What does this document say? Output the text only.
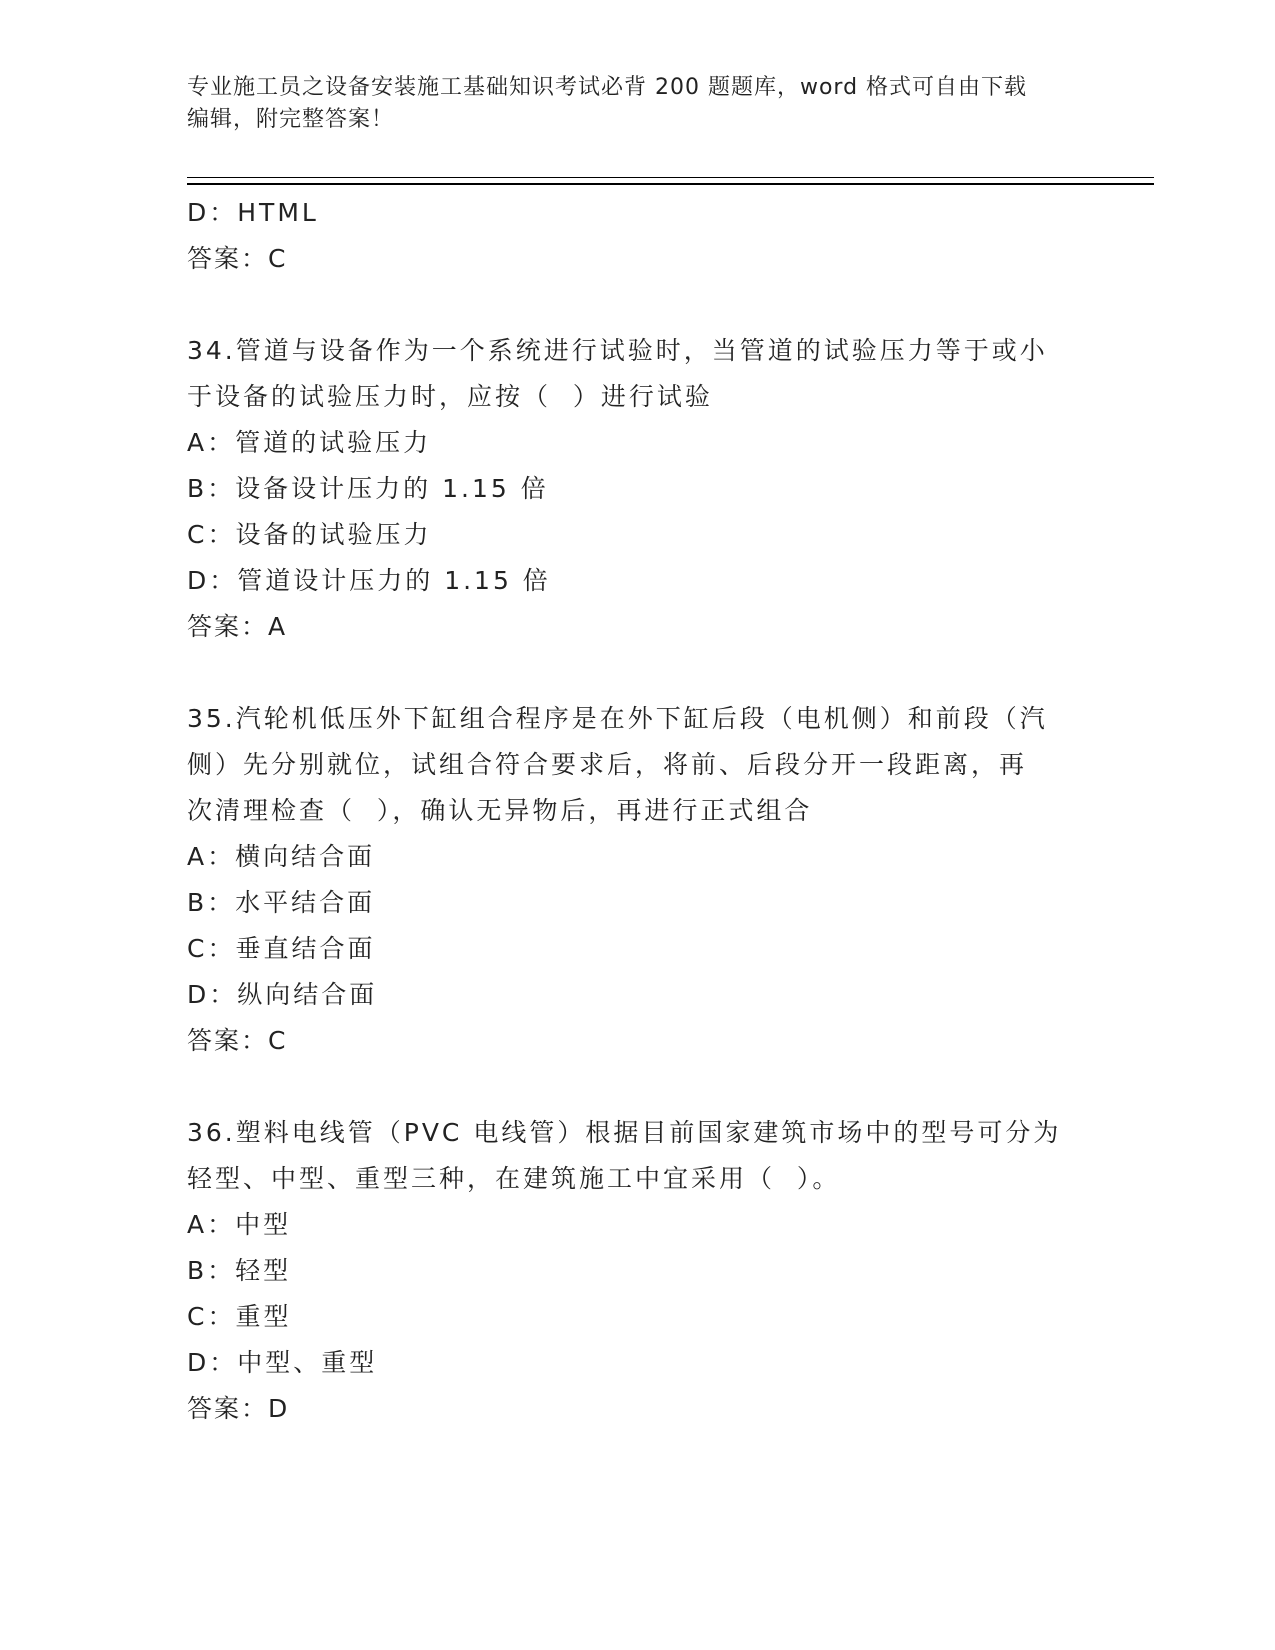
专业施工员之设备安装施工基础知识考试必背 200 题题库，word 格式可自由下载
编辑，附完整答案！
D：HTML
答案：C
34.管道与设备作为一个系统进行试验时，当管道的试验压力等于或小
于设备的试验压力时，应按（  ）进行试验
A：管道的试验压力
B：设备设计压力的 1.15 倍
C：设备的试验压力
D：管道设计压力的 1.15 倍
答案：A
35.汽轮机低压外下缸组合程序是在外下缸后段（电机侧）和前段（汽
侧）先分别就位，试组合符合要求后，将前、后段分开一段距离，再
次清理检查（  ），确认无异物后，再进行正式组合
A：横向结合面
B：水平结合面
C：垂直结合面
D：纵向结合面
答案：C
36.塑料电线管（PVC 电线管）根据目前国家建筑市场中的型号可分为
轻型、中型、重型三种，在建筑施工中宜采用（  ）。
A：中型
B：轻型
C：重型
D：中型、重型
答案：D
